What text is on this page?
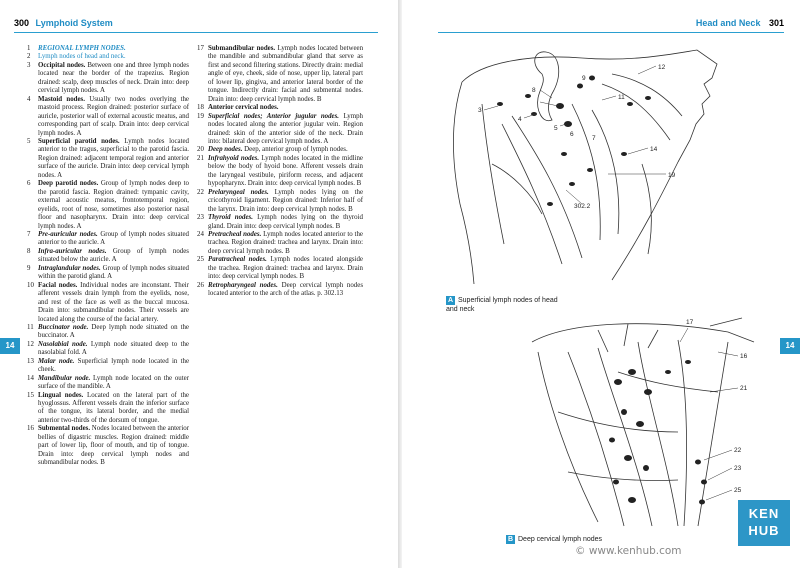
300 Lymphoid System
1	REGIONAL LYMPH NODES.
2	Lymph nodes of head and neck.
3	Occipital nodes. Between one and three lymph nodes located near the border of the trapezius. Region drained: scalp, deep muscles of neck. Drain into: deep cervical lymph nodes. A
4	Mastoid nodes. Usually two nodes overlying the mastoid process. Region drained: posterior surface of auricle, posterior wall of external acoustic meatus, and corresponding part of scalp. Drain into: deep cervical lymph nodes. A
5	Superficial parotid nodes. Lymph nodes located anterior to the tragus, superficial to the parotid fascia. Region drained: adjacent temporal region and anterior surface of the auricle. Drain into: deep cervical lymph nodes. A
6	Deep parotid nodes. Group of lymph nodes deep to the parotid fascia. Region drained: tympanic cavity, external acoustic meatus, frontotemporal region, eyelids, root of nose, sometimes also posterior nasal floor and nasopharynx. Drain into: deep cervical lymph nodes. A
7	Pre-auricular nodes. Group of lymph nodes situated anterior to the auricle. A
8	Infra-auricular nodes. Group of lymph nodes situated below the auricle. A
9	Intraglandular nodes. Group of lymph nodes situated within the parotid gland. A
10 Facial nodes. Individual nodes are inconstant. Their afferent vessels drain lymph from the eyelids, nose, and rest of the face as well as the buccal mucosa. Drain into: submandibular nodes. Their vessels are located along the course of the facial artery.
11 Buccinator node. Deep lymph node situated on the buccinator. A
12 Nasolabial node. Lymph node situated deep to the nasolabial fold. A
13 Malar node. Superficial lymph node located in the cheek.
14 Mandibular node. Lymph node located on the outer surface of the mandible. A
15 Lingual nodes. Located on the lateral part of the hyoglossus. Afferent vessels drain the inferior surface of the tongue, its lateral border, and the medial anterior two-thirds of the dorsum of tongue.
16 Submental nodes. Nodes located between the anterior bellies of digastric muscles. Region drained: middle part of lower lip, floor of mouth, and tip of tongue. Drain into: deep cervical lymph nodes and submandibular nodes. B
17 Submandibular nodes. Lymph nodes located between the mandible and submandibular gland that serve as first and second filtering stations. Directly drain: medial angle of eye, cheek, side of nose, upper lip, lateral part of lower lip, gingiva, and anterior lateral border of the tongue. Indirectly drain: facial and submental nodes. Drain into: deep cervical lymph nodes. B
18 Anterior cervical nodes.
19 Superficial nodes; Anterior jugular nodes. Lymph nodes located along the anterior jugular vein. Region drained: skin of the anterior side of the neck. Drain into: bilateral deep cervical lymph nodes. A
20 Deep nodes. Deep, anterior group of lymph nodes.
21 Infrahyoid nodes. Lymph nodes located in the midline below the body of hyoid bone. Afferent vessels drain the laryngeal vestibule, piriform recess, and adjacent hypopharynx. Drain into: deep cervical lymph nodes. B
22 Prelaryngeal nodes. Lymph nodes lying on the cricothyroid ligament. Region drained: Inferior half of the larynx. Drain into: deep cervical lymph nodes. B
23 Thyroid nodes. Lymph nodes lying on the thyroid gland. Drain into: deep cervical lymph nodes. B
24 Pretracheal nodes. Lymph nodes located anterior to the trachea. Region drained: trachea and larynx. Drain into: deep cervical lymph nodes. B
25 Paratracheal nodes. Lymph nodes located alongside the trachea. Region drained: trachea and larynx. Drain into: deep cervical lymph nodes. B
26 Retropharyngeal nodes. Deep cervical lymph nodes located anterior to the arch of the atlas. p. 302.13
14
Head and Neck 301
14
12
9
8
11
3
4
5
6
7
14
19
302.2
A Superficial lymph nodes of head and neck
17
16
21
22
23
25
B Deep cervical lymph nodes
KEN
HUB
© www.kenhub.com
